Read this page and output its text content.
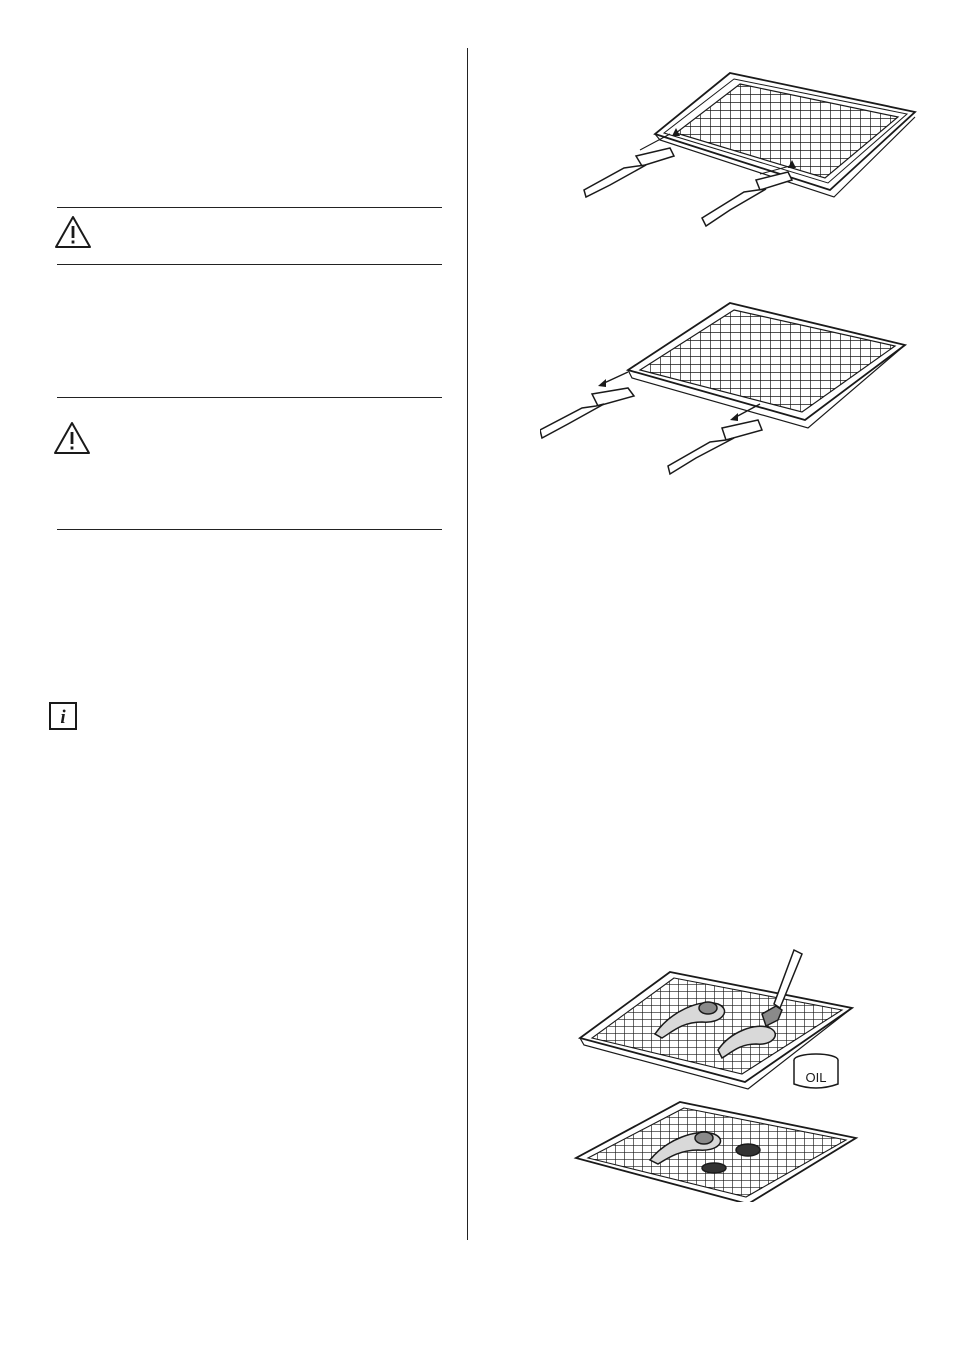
i
OIL
